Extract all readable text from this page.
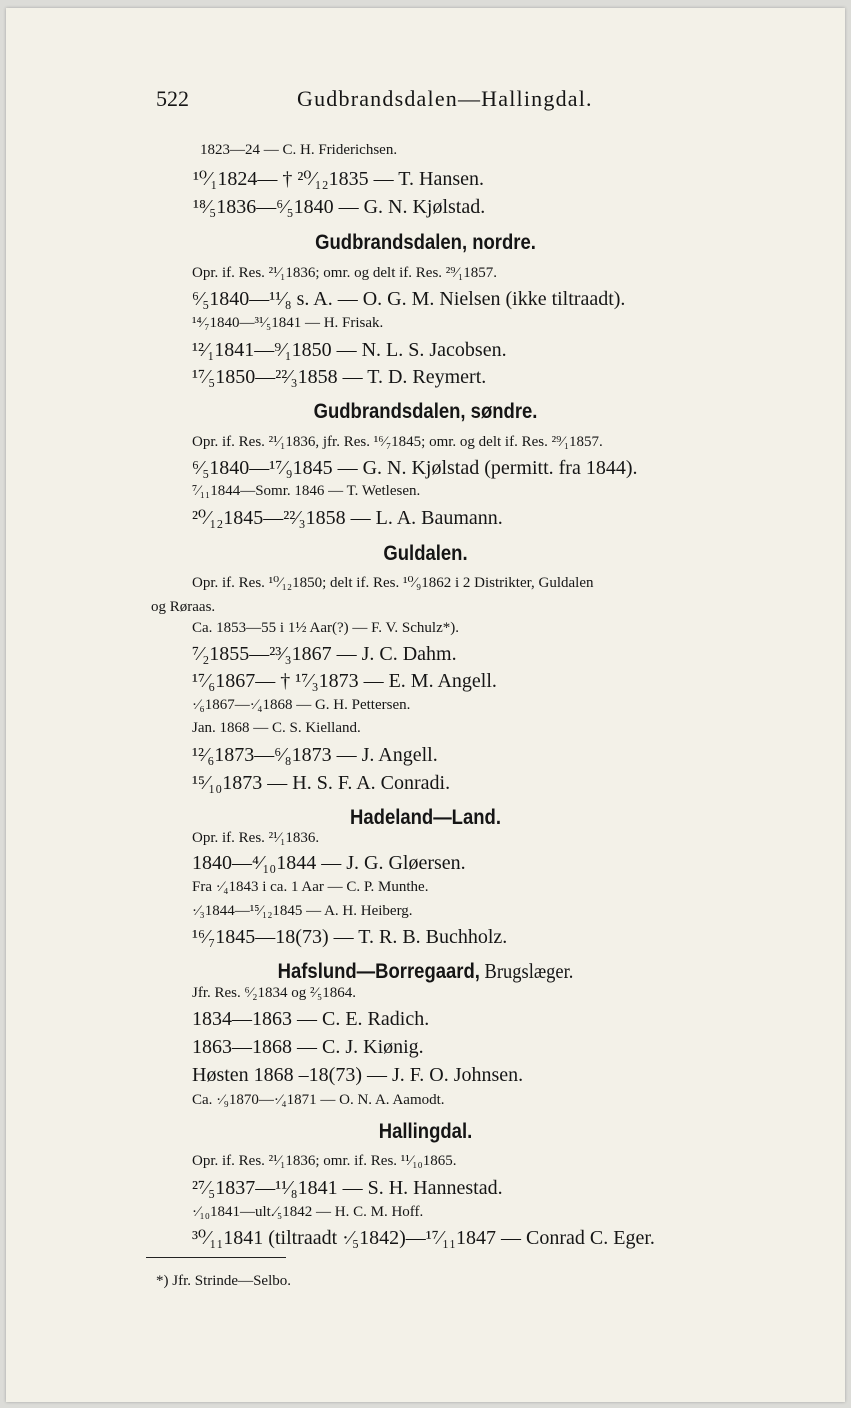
522	Gudbrandsdalen—Hallingdal.
1823—24 — C. H. Friderichsen.
¹⁰⁄₁1824— † ²⁰⁄₁₂1835 — T. Hansen.
¹⁸⁄₅1836—⁶⁄₅1840 — G. N. Kjølstad.
Gudbrandsdalen, nordre.
Opr. if. Res. ²¹⁄₁1836; omr. og delt if. Res. ²⁹⁄₁1857.
⁶⁄₅1840—¹¹⁄₈ s. A. — O. G. M. Nielsen (ikke tiltraadt).
¹⁴⁄₇1840—³¹⁄₅1841 — H. Frisak.
¹²⁄₁1841—⁹⁄₁1850 — N. L. S. Jacobsen.
¹⁷⁄₅1850—²²⁄₃1858 — T. D. Reymert.
Gudbrandsdalen, søndre.
Opr. if. Res. ²¹⁄₁1836, jfr. Res. ¹⁶⁄₇1845; omr. og delt if. Res. ²⁹⁄₁1857.
⁶⁄₅1840—¹⁷⁄₉1845 — G. N. Kjølstad (permitt. fra 1844).
⁷⁄₁₁1844—Somr. 1846 — T. Wetlesen.
²⁰⁄₁₂1845—²²⁄₃1858 — L. A. Baumann.
Guldalen.
Opr. if. Res. ¹⁰⁄₁₂1850; delt if. Res. ¹⁰⁄₉1862 i 2 Distrikter, Guldalen
og Røraas.
Ca. 1853—55 i 1½ Aar(?) — F. V. Schulz*).
⁷⁄₂1855—²³⁄₃1867 — J. C. Dahm.
¹⁷⁄₆1867— † ¹⁷⁄₃1873 — E. M. Angell.
·⁄₆1867—·⁄₄1868 — G. H. Pettersen.
Jan. 1868 — C. S. Kielland.
¹²⁄₆1873—⁶⁄₈1873 — J. Angell.
¹⁵⁄₁₀1873 — H. S. F. A. Conradi.
Hadeland—Land.
Opr. if. Res. ²¹⁄₁1836.
1840—⁴⁄₁₀1844 — J. G. Gløersen.
Fra ·⁄₄1843 i ca. 1 Aar — C. P. Munthe.
·⁄₃1844—¹⁵⁄₁₂1845 — A. H. Heiberg.
¹⁶⁄₇1845—18(73) — T. R. B. Buchholz.
Hafslund—Borregaard, Brugslæger.
Jfr. Res. ⁶⁄₂1834 og ²⁄₅1864.
1834—1863 — C. E. Radich.
1863—1868 — C. J. Kiønig.
Høsten 1868 –18(73) — J. F. O. Johnsen.
Ca. ·⁄₉1870—·⁄₄1871 — O. N. A. Aamodt.
Hallingdal.
Opr. if. Res. ²¹⁄₁1836; omr. if. Res. ¹¹⁄₁₀1865.
²⁷⁄₅1837—¹¹⁄₈1841 — S. H. Hannestad.
·⁄₁₀1841—ult.⁄₅1842 — H. C. M. Hoff.
³⁰⁄₁₁1841 (tiltraadt ·⁄₅1842)—¹⁷⁄₁₁1847 — Conrad C. Eger.
*) Jfr. Strinde—Selbo.
